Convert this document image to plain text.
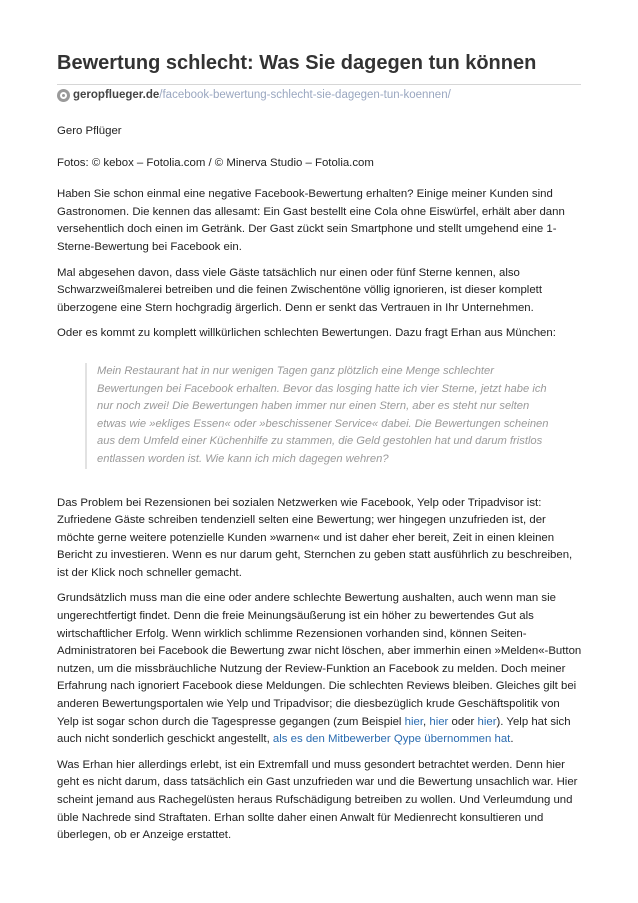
Bewertung schlecht: Was Sie dagegen tun können
geropflueger.de /facebook-bewertung-schlecht-sie-dagegen-tun-koennen/

Gero Pflüger

Fotos: © kebox – Fotolia.com / © Minerva Studio – Fotolia.com

Haben Sie schon einmal eine negative Facebook-Bewertung erhalten? Einige meiner Kunden sind Gastronomen. Die kennen das allesamt: Ein Gast bestellt eine Cola ohne Eiswürfel, erhält aber dann versehentlich doch einen im Getränk. Der Gast zückt sein Smartphone und stellt umgehend eine 1-Sterne-Bewertung bei Facebook ein.

Mal abgesehen davon, dass viele Gäste tatsächlich nur einen oder fünf Sterne kennen, also Schwarzweißmalerei betreiben und die feinen Zwischentöne völlig ignorieren, ist dieser komplett überzogene eine Stern hochgradig ärgerlich. Denn er senkt das Vertrauen in Ihr Unternehmen.

Oder es kommt zu komplett willkürlichen schlechten Bewertungen. Dazu fragt Erhan aus München:

Mein Restaurant hat in nur wenigen Tagen ganz plötzlich eine Menge schlechter Bewertungen bei Facebook erhalten. Bevor das losging hatte ich vier Sterne, jetzt habe ich nur noch zwei! Die Bewertungen haben immer nur einen Stern, aber es steht nur selten etwas wie »ekliges Essen« oder »beschissener Service« dabei. Die Bewertungen scheinen aus dem Umfeld einer Küchenhilfe zu stammen, die Geld gestohlen hat und darum fristlos entlassen worden ist. Wie kann ich mich dagegen wehren?

Das Problem bei Rezensionen bei sozialen Netzwerken wie Facebook, Yelp oder Tripadvisor ist: Zufriedene Gäste schreiben tendenziell selten eine Bewertung; wer hingegen unzufrieden ist, der möchte gerne weitere potenzielle Kunden »warnen« und ist daher eher bereit, Zeit in einen kleinen Bericht zu investieren. Wenn es nur darum geht, Sternchen zu geben statt ausführlich zu beschreiben, ist der Klick noch schneller gemacht.

Grundsätzlich muss man die eine oder andere schlechte Bewertung aushalten, auch wenn man sie ungerechtfertigt findet. Denn die freie Meinungsäußerung ist ein höher zu bewertendes Gut als wirtschaftlicher Erfolg. Wenn wirklich schlimme Rezensionen vorhanden sind, können Seiten-Administratoren bei Facebook die Bewertung zwar nicht löschen, aber immerhin einen »Melden«-Button nutzen, um die missbräuchliche Nutzung der Review-Funktion an Facebook zu melden. Doch meiner Erfahrung nach ignoriert Facebook diese Meldungen. Die schlechten Reviews bleiben. Gleiches gilt bei anderen Bewertungsportalen wie Yelp und Tripadvisor; die diesbezüglich krude Geschäftspolitik von Yelp ist sogar schon durch die Tagespresse gegangen (zum Beispiel hier, hier oder hier). Yelp hat sich auch nicht sonderlich geschickt angestellt, als es den Mitbewerber Qype übernommen hat.

Was Erhan hier allerdings erlebt, ist ein Extremfall und muss gesondert betrachtet werden. Denn hier geht es nicht darum, dass tatsächlich ein Gast unzufrieden war und die Bewertung unsachlich war. Hier scheint jemand aus Rachegelüsten heraus Rufschädigung betreiben zu wollen. Und Verleumdung und üble Nachrede sind Straftaten. Erhan sollte daher einen Anwalt für Medienrecht konsultieren und überlegen, ob er Anzeige erstattet.
